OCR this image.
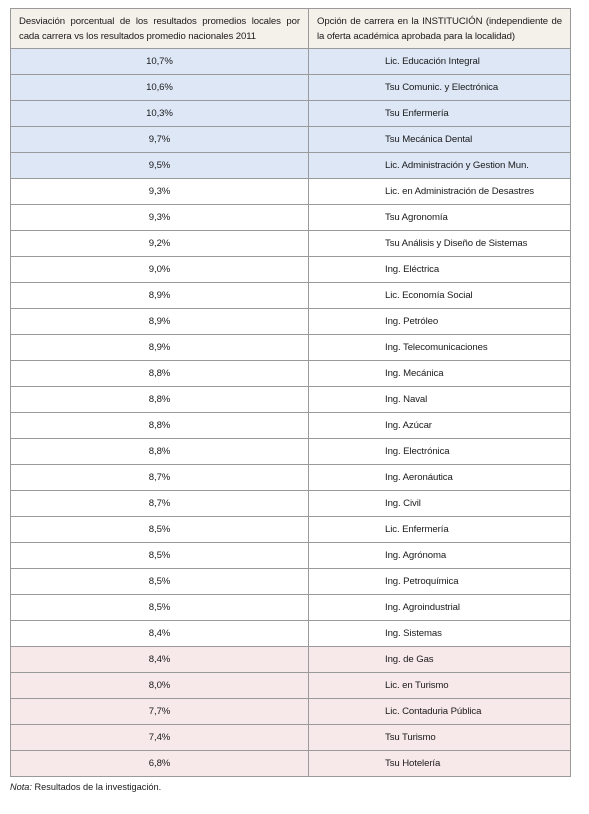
Desviación porcentual de los resultados promedios locales por cada carrera vs los resultados promedio nacionales 2011	Opción de carrera en la INSTITUCIÓN (independiente de la oferta académica aprobada para la localidad)
10,7%	Lic. Educación Integral
10,6%	Tsu Comunic. y Electrónica
10,3%	Tsu Enfermería
9,7%	Tsu Mecánica Dental
9,5%	Lic. Administración y Gestion Mun.
9,3%	Lic. en Administración de Desastres
9,3%	Tsu Agronomía
9,2%	Tsu Análisis y Diseño de Sistemas
9,0%	Ing. Eléctrica
8,9%	Lic. Economía Social
8,9%	Ing. Petróleo
8,9%	Ing. Telecomunicaciones
8,8%	Ing. Mecánica
8,8%	Ing. Naval
8,8%	Ing. Azúcar
8,8%	Ing. Electrónica
8,7%	Ing. Aeronáutica
8,7%	Ing. Civil
8,5%	Lic. Enfermería
8,5%	Ing. Agrónoma
8,5%	Ing. Petroquímica
8,5%	Ing. Agroindustrial
8,4%	Ing. Sistemas
8,4%	Ing. de Gas
8,0%	Lic. en Turismo
7,7%	Lic. Contaduria Pública
7,4%	Tsu Turismo
6,8%	Tsu Hotelería
Nota: Resultados de la investigación.
